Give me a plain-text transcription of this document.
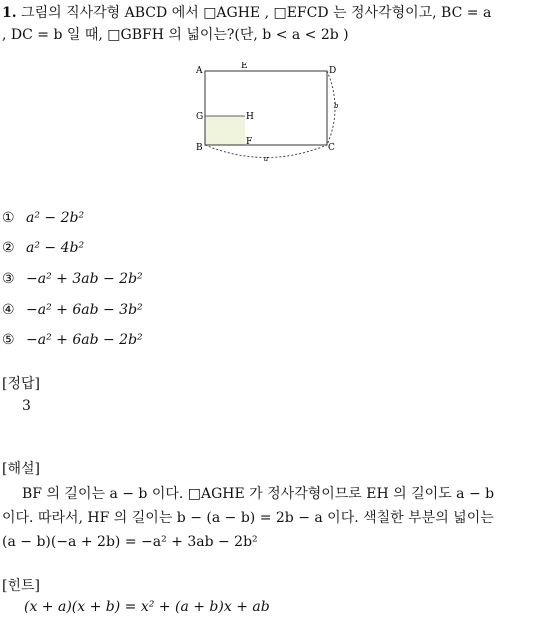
1. 그림의 직사각형 ABCD 에서 □AGHE , □EFCD 는 정사각형이고, BC = a
, DC = b 일 때, □GBFH 의 넓이는?(단, b < a < 2b )
A	E	D
G	H
B
F
C
b
a
① a² − 2b²
② a² − 4b²
③ −a² + 3ab − 2b²
④ −a² + 6ab − 3b²
⑤ −a² + 6ab − 2b²
[정답]
3
[해설]
BF 의 길이는 a − b 이다. □AGHE 가 정사각형이므로 EH 의 길이도 a − b
이다. 따라서, HF 의 길이는 b − (a − b) = 2b − a 이다. 색칠한 부분의 넓이는
(a − b)(−a + 2b) = −a² + 3ab − 2b²
[힌트]
(x + a)(x + b) = x² + (a + b)x + ab
